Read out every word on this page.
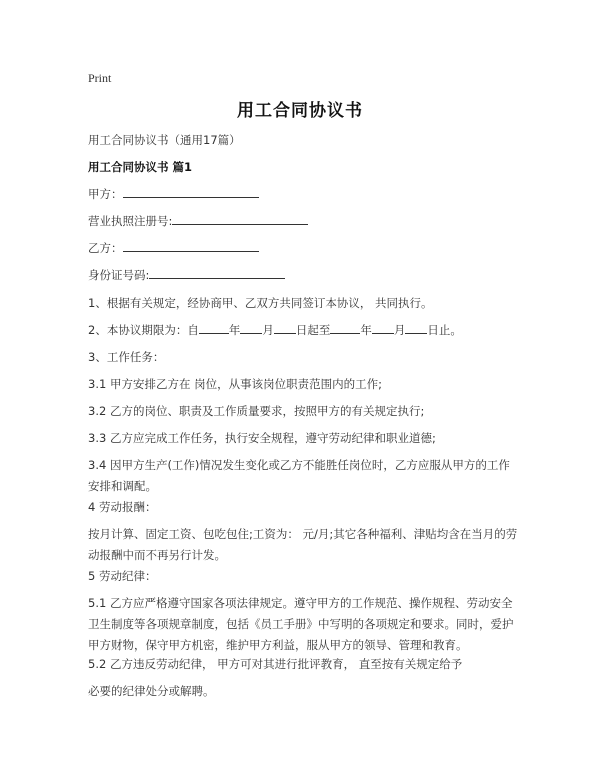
Print
用工合同协议书

用工合同协议书（通用17篇）

用工合同协议书 篇1

甲方：

营业执照注册号:

乙方：

身份证号码:

1、根据有关规定，经协商甲、乙双方共同签订本协议， 共同执行。

2、本协议期限为：自	年 月 日起至	年 月 日止。

3、工作任务：

3.1 甲方安排乙方在 岗位，从事该岗位职责范围内的工作;

3.2 乙方的岗位、职责及工作质量要求，按照甲方的有关规定执行;

3.3 乙方应完成工作任务，执行安全规程，遵守劳动纪律和职业道德;

3.4 因甲方生产(工作)情况发生变化或乙方不能胜任岗位时，乙方应服从甲方的工作安排和调配。

4 劳动报酬：

按月计算、固定工资、包吃包住;工资为： 元/月;其它各种福利、津贴均含在当月的劳动报酬中而不再另行计发。

5 劳动纪律：

5.1 乙方应严格遵守国家各项法律规定。遵守甲方的工作规范、操作规程、劳动安全卫生制度等各项规章制度，包括《员工手册》中写明的各项规定和要求。同时，爱护甲方财物，保守甲方机密，维护甲方利益，服从甲方的领导、管理和教育。

5.2 乙方违反劳动纪律， 甲方可对其进行批评教育， 直至按有关规定给予

必要的纪律处分或解聘。
